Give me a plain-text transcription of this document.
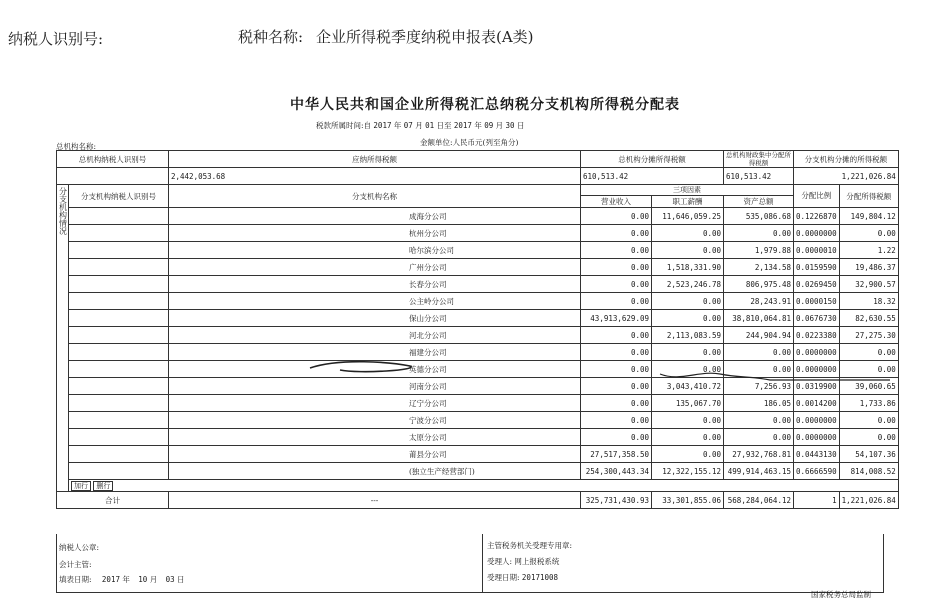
纳税人识别号:	税种名称: 企业所得税季度纳税申报表(A类)
中华人民共和国企业所得税汇总纳税分支机构所得税分配表
税款所属时间:自 2017 年 07 月 01 日至 2017 年 09 月 30 日
金额单位:人民币元(列至角分)
总机构名称:
总机构纳税人识别号		应纳所得税额	总机构分摊所得税额		总机构财政集中分配所得税额	分支机构分摊的所得税额	
		2,442,053.68	610,513.42		610,513.42	1,221,026.84	
分支机构情况	分支机构纳税人识别号	分支机构名称	三项因素			分配比例	分配所得税额
			营业收入	职工薪酬	资产总额		
		成海分公司	0.00	11,646,059.25	535,086.68	0.1226870	149,804.12
		杭州分公司	0.00	0.00	0.00	0.0000000	0.00
		哈尔滨分公司	0.00	0.00	1,979.88	0.0000010	1.22
		广州分公司	0.00	1,518,331.90	2,134.58	0.0159590	19,486.37
		长春分公司	0.00	2,523,246.78	806,975.48	0.0269450	32,900.57
		公主岭分公司	0.00	0.00	28,243.91	0.0000150	18.32
		保山分公司	43,913,629.09	0.00	38,810,064.81	0.0676730	82,630.55
		河北分公司	0.00	2,113,083.59	244,904.94	0.0223380	27,275.30
		福建分公司	0.00	0.00	0.00	0.0000000	0.00
		英德分公司	0.00	0.00	0.00	0.0000000	0.00
		河南分公司	0.00	3,043,410.72	7,256.93	0.0319900	39,060.65
		辽宁分公司	0.00	135,067.70	186.05	0.0014200	1,733.86
		宁波分公司	0.00	0.00	0.00	0.0000000	0.00
		太原分公司	0.00	0.00	0.00	0.0000000	0.00
		莆县分公司	27,517,358.50	0.00	27,932,768.81	0.0443130	54,107.36
		(独立生产经营部门)	254,300,443.34	12,322,155.12	499,914,463.15	0.6666590	814,008.52
	加行 删行						
合计		---	325,731,430.93	33,301,855.06	568,284,064.12	1	1,221,026.84
纳税人公章:
会计主管:
填表日期: 2017 年 10 月 03 日
主管税务机关受理专用章:
受理人: 网上报税系统
受理日期: 20171008
国家税务总局监制
